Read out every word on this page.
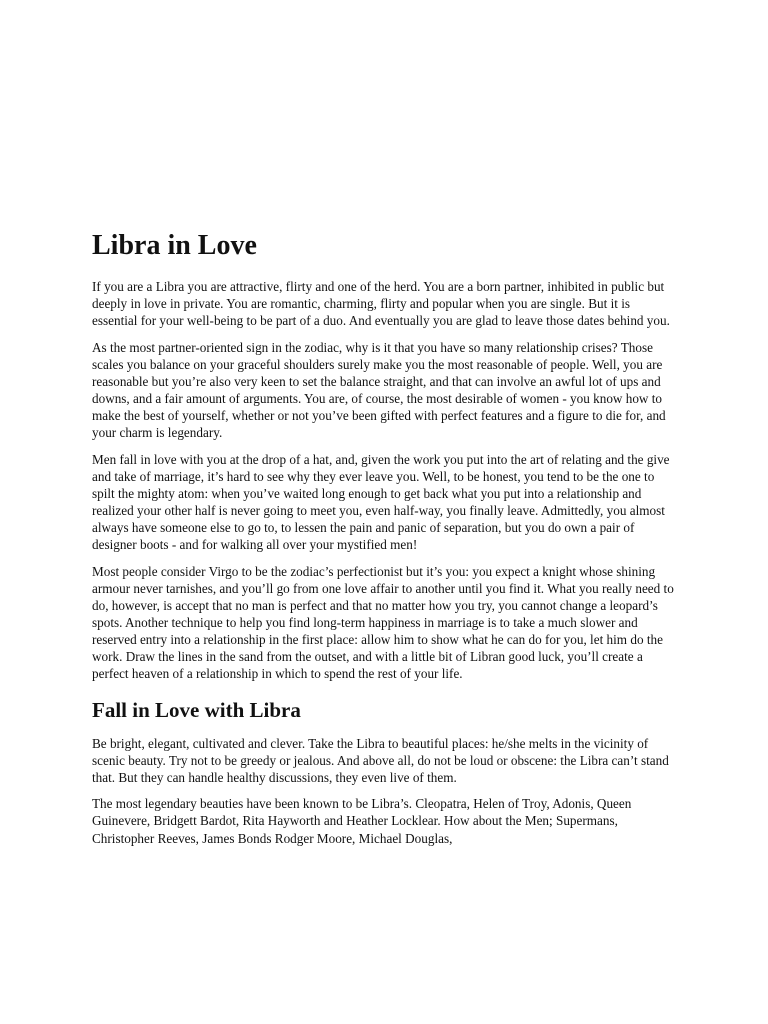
Libra in Love

If you are a Libra you are attractive, flirty and one of the herd. You are a born partner, inhibited in public but deeply in love in private. You are romantic, charming, flirty and popular when you are single. But it is essential for your well-being to be part of a duo. And eventually you are glad to leave those dates behind you.

As the most partner-oriented sign in the zodiac, why is it that you have so many relationship crises? Those scales you balance on your graceful shoulders surely make you the most reasonable of people. Well, you are reasonable but you’re also very keen to set the balance straight, and that can involve an awful lot of ups and downs, and a fair amount of arguments. You are, of course, the most desirable of women - you know how to make the best of yourself, whether or not you’ve been gifted with perfect features and a figure to die for, and your charm is legendary.

Men fall in love with you at the drop of a hat, and, given the work you put into the art of relating and the give and take of marriage, it’s hard to see why they ever leave you. Well, to be honest, you tend to be the one to spilt the mighty atom: when you’ve waited long enough to get back what you put into a relationship and realized your other half is never going to meet you, even half-way, you finally leave. Admittedly, you almost always have someone else to go to, to lessen the pain and panic of separation, but you do own a pair of designer boots - and for walking all over your mystified men!

Most people consider Virgo to be the zodiac’s perfectionist but it’s you: you expect a knight whose shining armour never tarnishes, and you’ll go from one love affair to another until you find it. What you really need to do, however, is accept that no man is perfect and that no matter how you try, you cannot change a leopard’s spots. Another technique to help you find long-term happiness in marriage is to take a much slower and reserved entry into a relationship in the first place: allow him to show what he can do for you, let him do the work. Draw the lines in the sand from the outset, and with a little bit of Libran good luck, you’ll create a perfect heaven of a relationship in which to spend the rest of your life.

Fall in Love with Libra

Be bright, elegant, cultivated and clever. Take the Libra to beautiful places: he/she melts in the vicinity of scenic beauty. Try not to be greedy or jealous. And above all, do not be loud or obscene: the Libra can’t stand that. But they can handle healthy discussions, they even live of them.

The most legendary beauties have been known to be Libra’s. Cleopatra, Helen of Troy, Adonis, Queen Guinevere, Bridgett Bardot, Rita Hayworth and Heather Locklear. How about the Men; Supermans, Christopher Reeves, James Bonds Rodger Moore, Michael Douglas,
